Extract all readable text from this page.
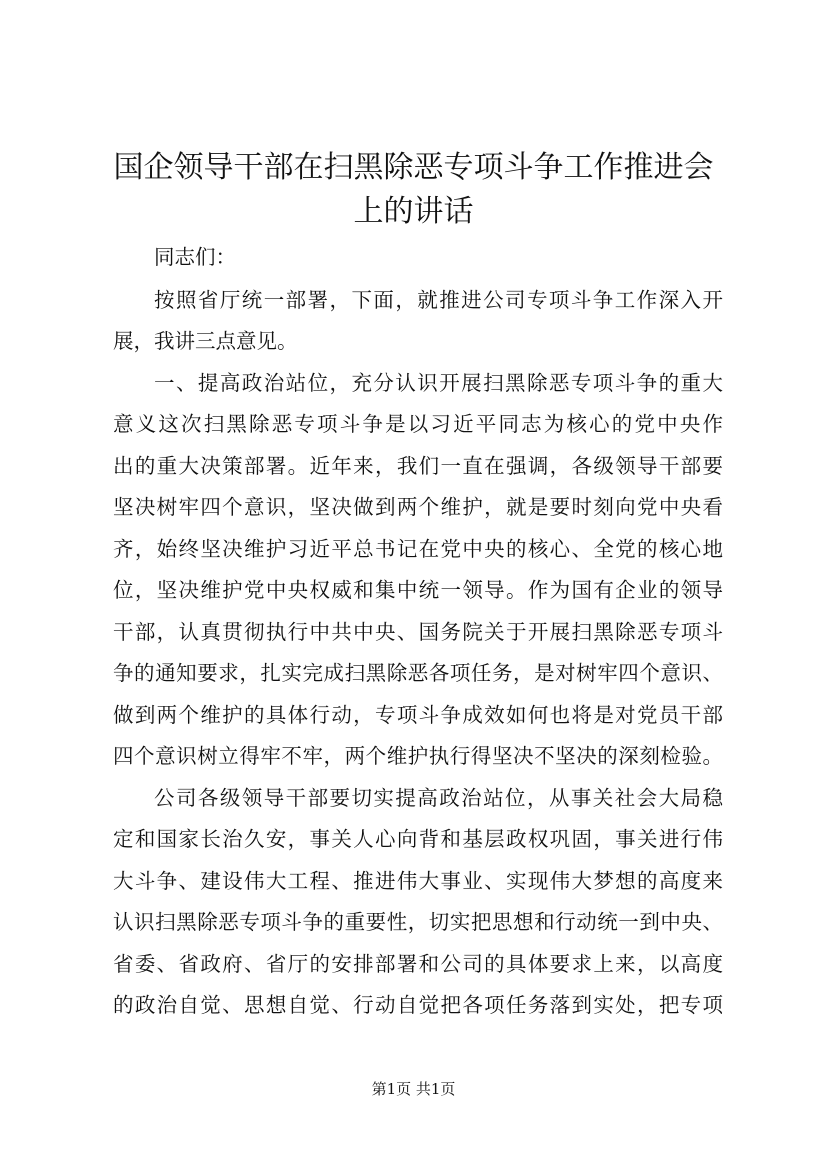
国企领导干部在扫黑除恶专项斗争工作推进会
上的讲话
同志们：
按照省厅统一部署，下面，就推进公司专项斗争工作深入开
展，我讲三点意见。
一、提高政治站位，充分认识开展扫黑除恶专项斗争的重大
意义这次扫黑除恶专项斗争是以习近平同志为核心的党中央作
出的重大决策部署。近年来，我们一直在强调，各级领导干部要
坚决树牢四个意识，坚决做到两个维护，就是要时刻向党中央看
齐，始终坚决维护习近平总书记在党中央的核心、全党的核心地
位，坚决维护党中央权威和集中统一领导。作为国有企业的领导
干部，认真贯彻执行中共中央、国务院关于开展扫黑除恶专项斗
争的通知要求，扎实完成扫黑除恶各项任务，是对树牢四个意识、
做到两个维护的具体行动，专项斗争成效如何也将是对党员干部
四个意识树立得牢不牢，两个维护执行得坚决不坚决的深刻检验。
公司各级领导干部要切实提高政治站位，从事关社会大局稳
定和国家长治久安，事关人心向背和基层政权巩固，事关进行伟
大斗争、建设伟大工程、推进伟大事业、实现伟大梦想的高度来
认识扫黑除恶专项斗争的重要性，切实把思想和行动统一到中央、
省委、省政府、省厅的安排部署和公司的具体要求上来，以高度
的政治自觉、思想自觉、行动自觉把各项任务落到实处，把专项
第1页 共1页
